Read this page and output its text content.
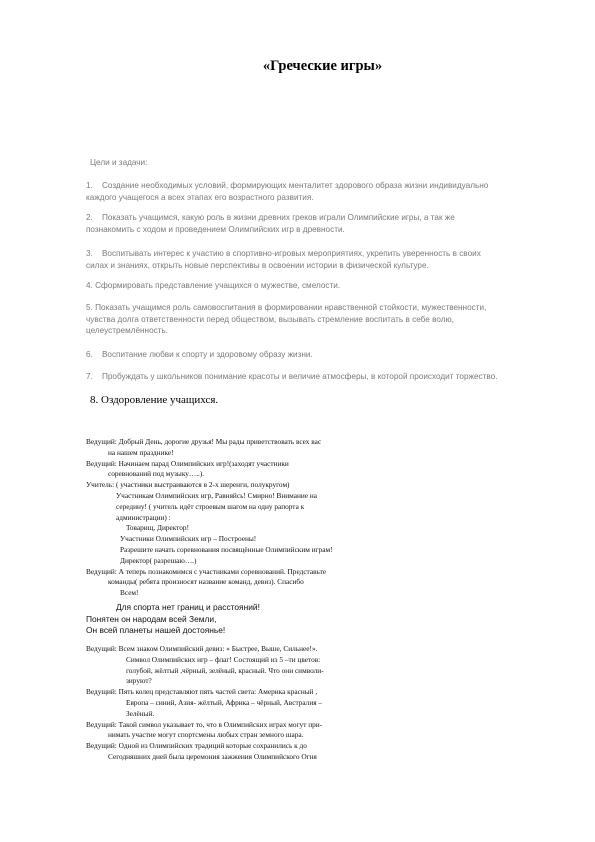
«Греческие игры»
Цели и задачи:
1. Создание необходимых условий, формирующих менталитет здорового образа жизни индивидуально
каждого учащегося а всех этапах его возрастного развития.
2. Показать учащимся, какую роль в жизни древних греков играли Олимпийские игры, а так же
познакомить с ходом и проведением Олимпийских игр в древности.
3. Воспитывать интерес к участию в спортивно-игровых мероприятиях, укрепить уверенность в своих
силах и знаниях, открыть новые перспективы в освоении истории в физической культуре.
4. Сформировать представление учащихся о мужестве, смелости.
5. Показать учащимся роль самовоспитания в формировании нравственной стойкости, мужественности,
чувства долга ответственности перед обществом, вызывать стремление воспитать в себе волю,
целеустремлённость.
6. Воспитание любви к спорту и здоровому образу жизни.
7. Пробуждать у школьников понимание красоты и величие атмосферы, в которой происходит торжество.
8. Оздоровление учащихся.
Ведущий: Добрый День, дорогие друзья! Мы рады приветствовать всех вас
на нашем празднике!
Ведущий: Начинаем парад Олимпийских игр!(заходят участники
соревнований под музыку…..).
Учитель: ( участники выстраиваются в 2-х шеренги, полукругом)
Участникам Олимпийских игр, Равняйсь! Смирно! Внимание на
середину! ( учитель идёт строевым шагом на одну рапорта к
администрации) :
Товарищ, Директор!
Участники Олимпийских игр – Построены!
Разрешите начать соревнования посвящённые Олимпийским играм!
Директор( разрешаю….)
Ведущий: А теперь познакомимся с участниками соревнований. Представьте
команды( ребята произносят название команд, девиз). Спасибо
Всем!
Для спорта нет границ и расстояний!
Понятен он народам всей Земли,
Он всей планеты нашей достоянье!
Ведущий: Всем знаком Олимпийский девиз: « Быстрее, Выше, Сильнее!».
Символ Олимпийских игр – флаг! Состоящий из 5 –ти цветов:
голубой, жёлтый ,чёрный, зелёный, красный. Что они символи-
зируют?
Ведущий: Пять колец представляют пять частей света: Америка красный ,
Европа – синий, Азия- жёлтый, Африка – чёрный, Австралия –
Зелёный.
Ведущий: Такой символ указывает то, что в Олимпийских играх могут при-
нимать участие могут спортсмены любых стран земного шара.
Ведущий: Одной из Олимпийских традиций которые сохранились к до
Сегодняшних дней была церемония зажжения Олимпийского Огня
